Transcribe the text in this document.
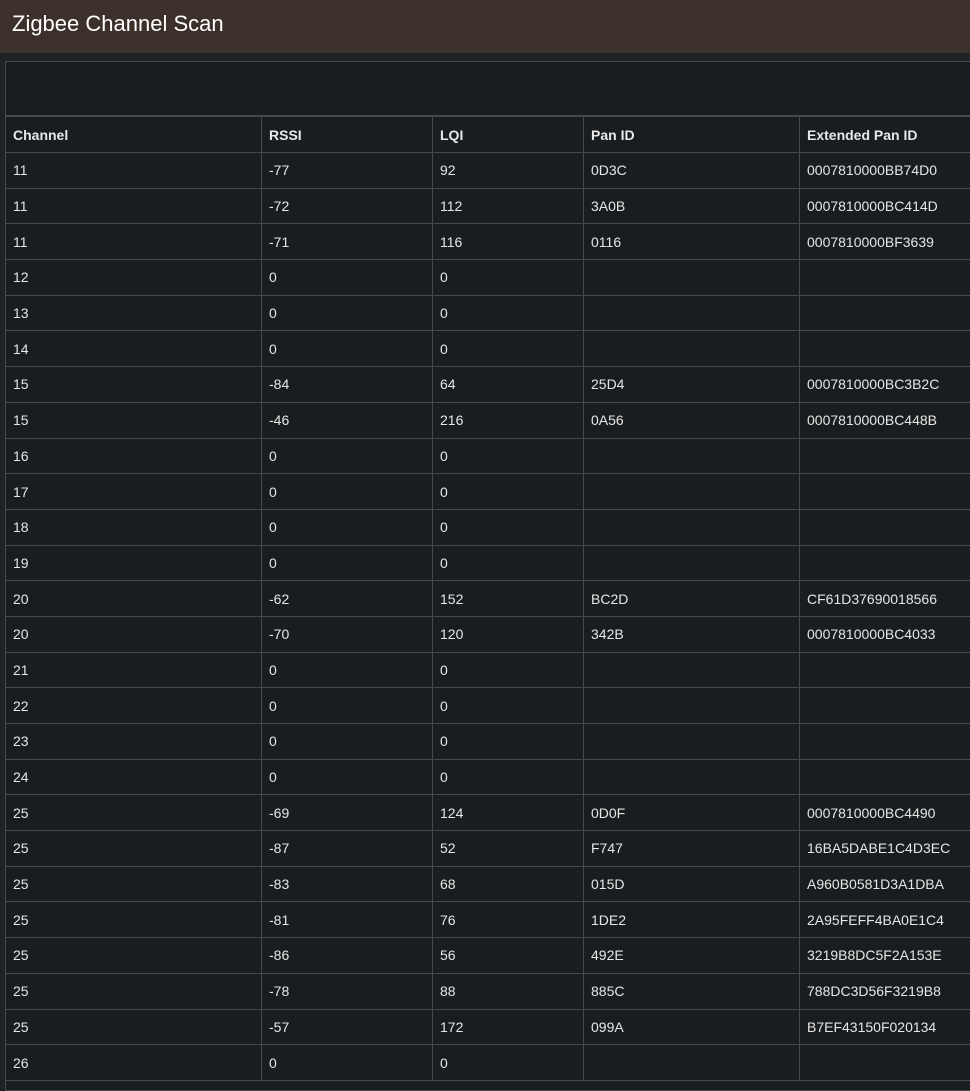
Zigbee Channel Scan
Channel	RSSI	LQI	Pan ID	Extended Pan ID
11	-77	92	0D3C	0007810000BB74D0
11	-72	112	3A0B	0007810000BC414D
11	-71	116	0116	0007810000BF3639
12	0	0		
13	0	0		
14	0	0		
15	-84	64	25D4	0007810000BC3B2C
15	-46	216	0A56	0007810000BC448B
16	0	0		
17	0	0		
18	0	0		
19	0	0		
20	-62	152	BC2D	CF61D37690018566
20	-70	120	342B	0007810000BC4033
21	0	0		
22	0	0		
23	0	0		
24	0	0		
25	-69	124	0D0F	0007810000BC4490
25	-87	52	F747	16BA5DABE1C4D3EC
25	-83	68	015D	A960B0581D3A1DBA
25	-81	76	1DE2	2A95FEFF4BA0E1C4
25	-86	56	492E	3219B8DC5F2A153E
25	-78	88	885C	788DC3D56F3219B8
25	-57	172	099A	B7EF43150F020134
26	0	0		
